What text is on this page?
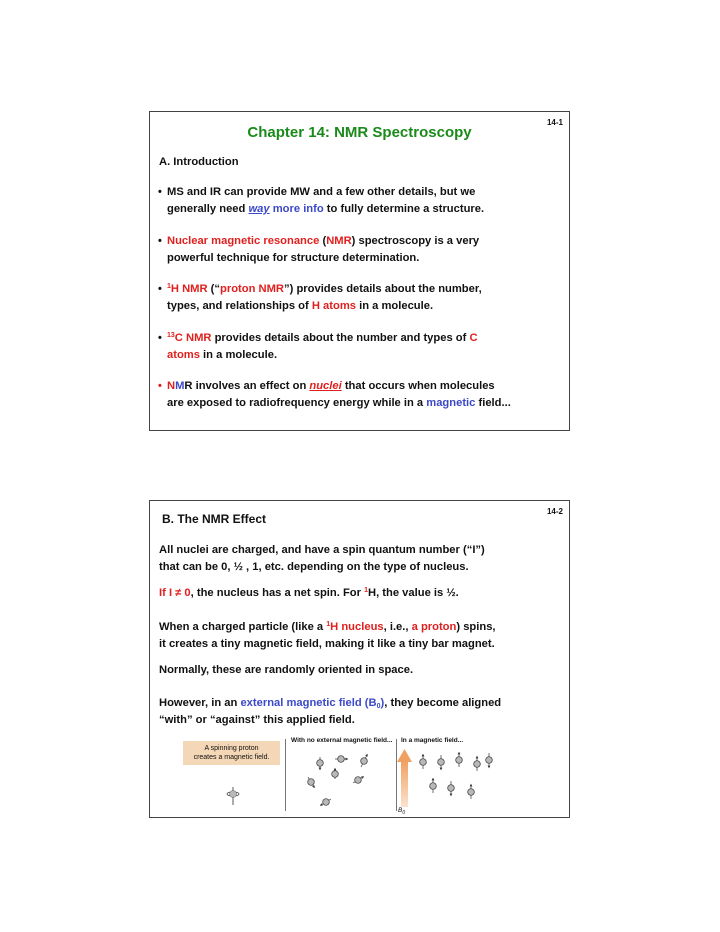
14-1
Chapter 14: NMR Spectroscopy
A. Introduction
• MS and IR can provide MW and a few other details, but we
generally need way more info to fully determine a structure.
• Nuclear magnetic resonance (NMR) spectroscopy is a very
powerful technique for structure determination.
• $^1$H NMR (“proton NMR”) provides details about the number,
types, and relationships of H atoms in a molecule.
• $^{13}$C NMR provides details about the number and types of C
atoms in a molecule.
• NMR involves an effect on nuclei that occurs when molecules
are exposed to radiofrequency energy while in a magnetic field...
14-2
B. The NMR Effect
All nuclei are charged, and have a spin quantum number (“I”)
that can be 0, ½ , 1, etc. depending on the type of nucleus.
If I ≠ 0, the nucleus has a net spin. For $^1$H, the value is ½.
When a charged particle (like a $^1$H nucleus, i.e., a proton) spins,
it creates a tiny magnetic field, making it like a tiny bar magnet.
Normally, these are randomly oriented in space.
However, in an external magnetic field $(B_0)$, they become aligned
“with” or “against” this applied field.
A spinning proton
creates a magnetic field.
With no external magnetic field... In a magnetic field...
$B_0$
